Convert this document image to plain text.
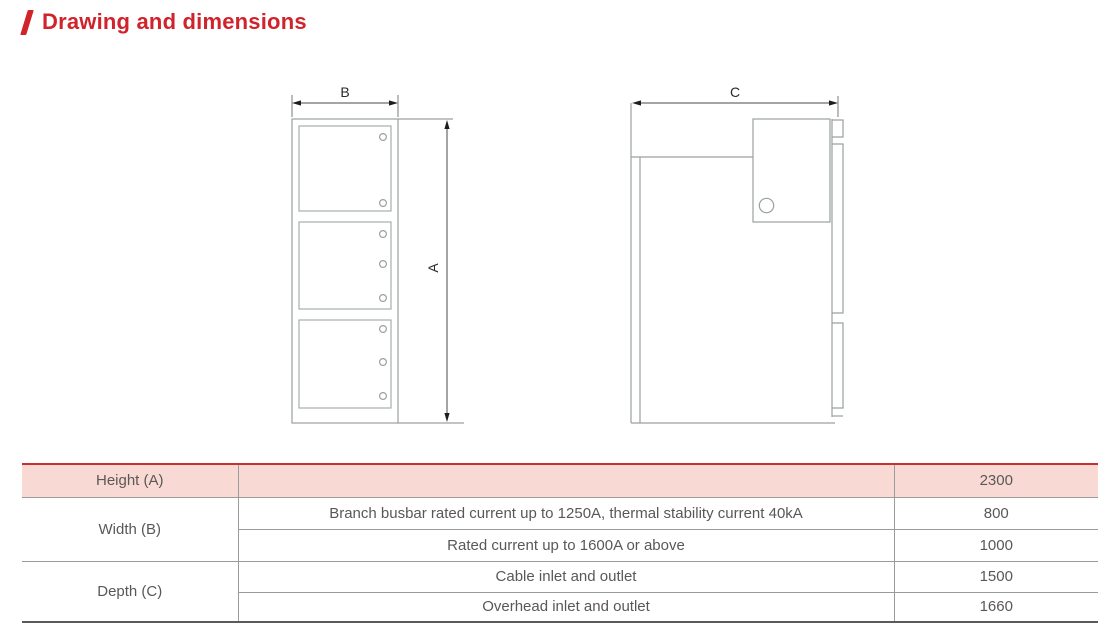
Drawing and dimensions
B
A
C
Height (A)		2300
Width (B)	Branch busbar rated current up to 1250A, thermal stability current 40kA	800
	Rated current up to 1600A or above	1000
Depth (C)	Cable inlet and outlet	1500
	Overhead inlet and outlet	1660
